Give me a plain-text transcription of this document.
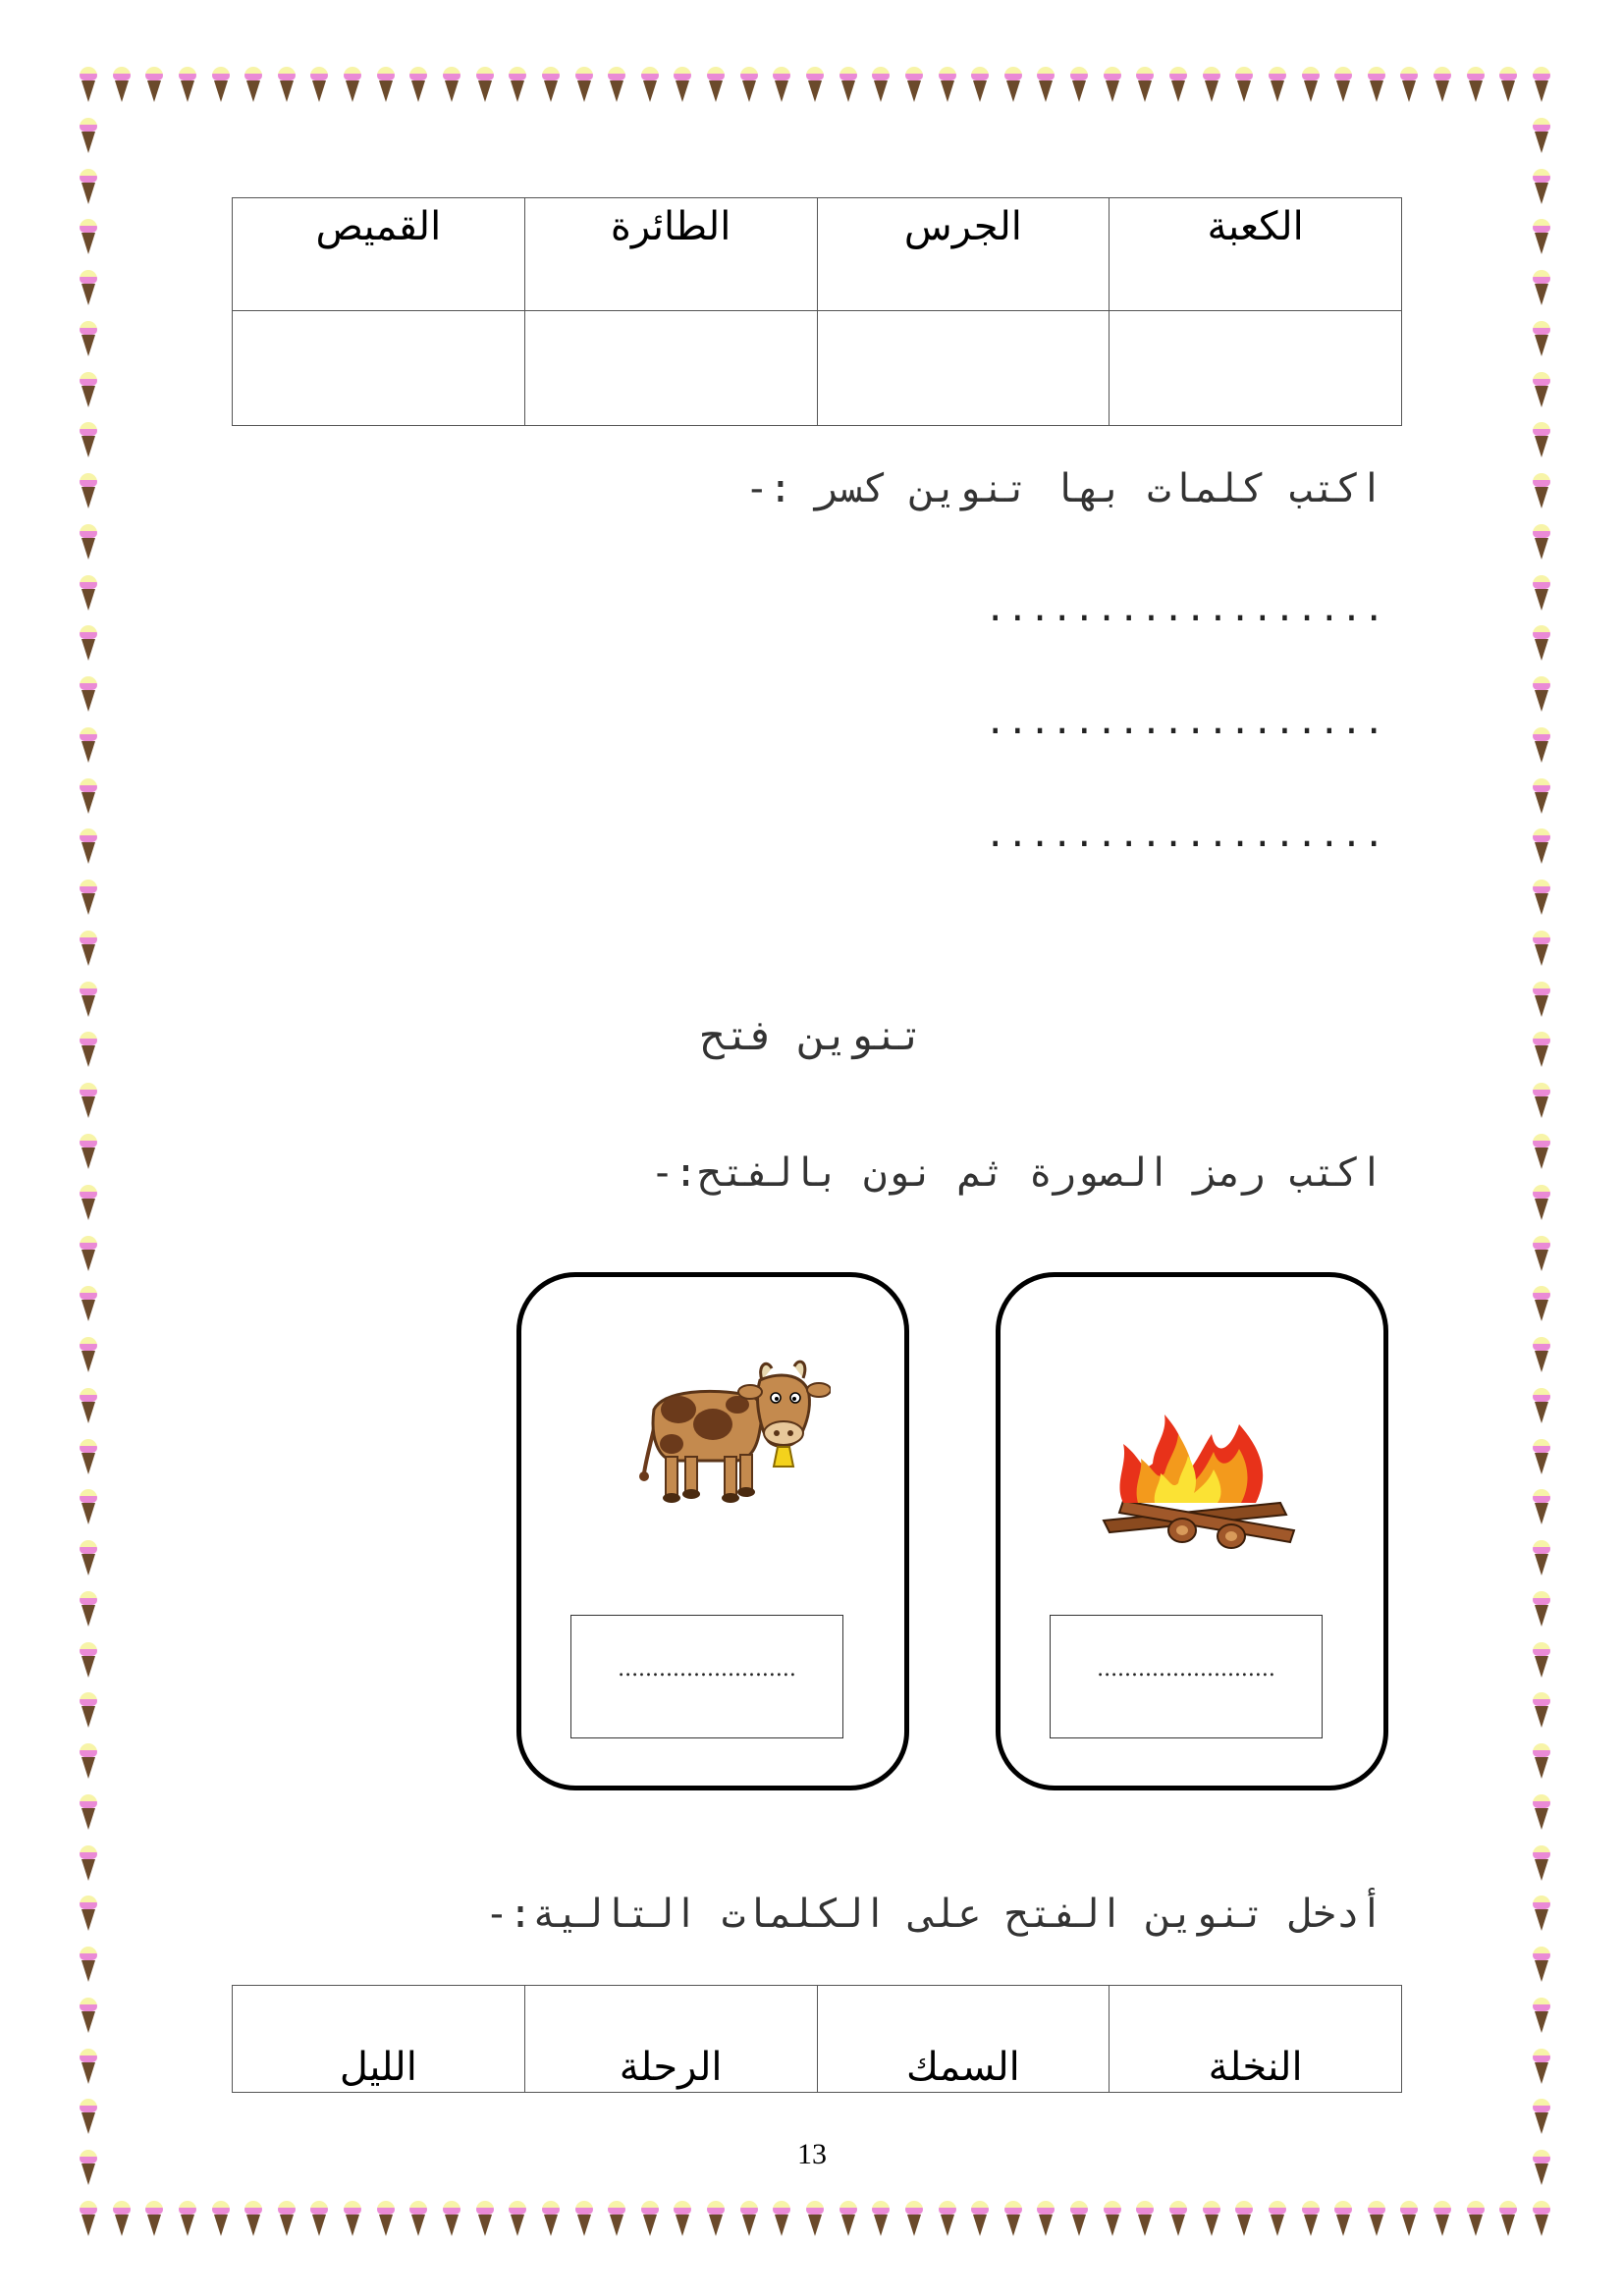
الكعبة	الجرس	الطائرة	القميص

اكتب كلمات بها تنوين كسر :-
..................
..................
..................
تنوين فتح
اكتب رمز الصورة ثم نون بالفتح:-
..........................
..........................
أدخل تنوين الفتح على الكلمات التالية:-
النخلة	السمك	الرحلة	الليل
13
